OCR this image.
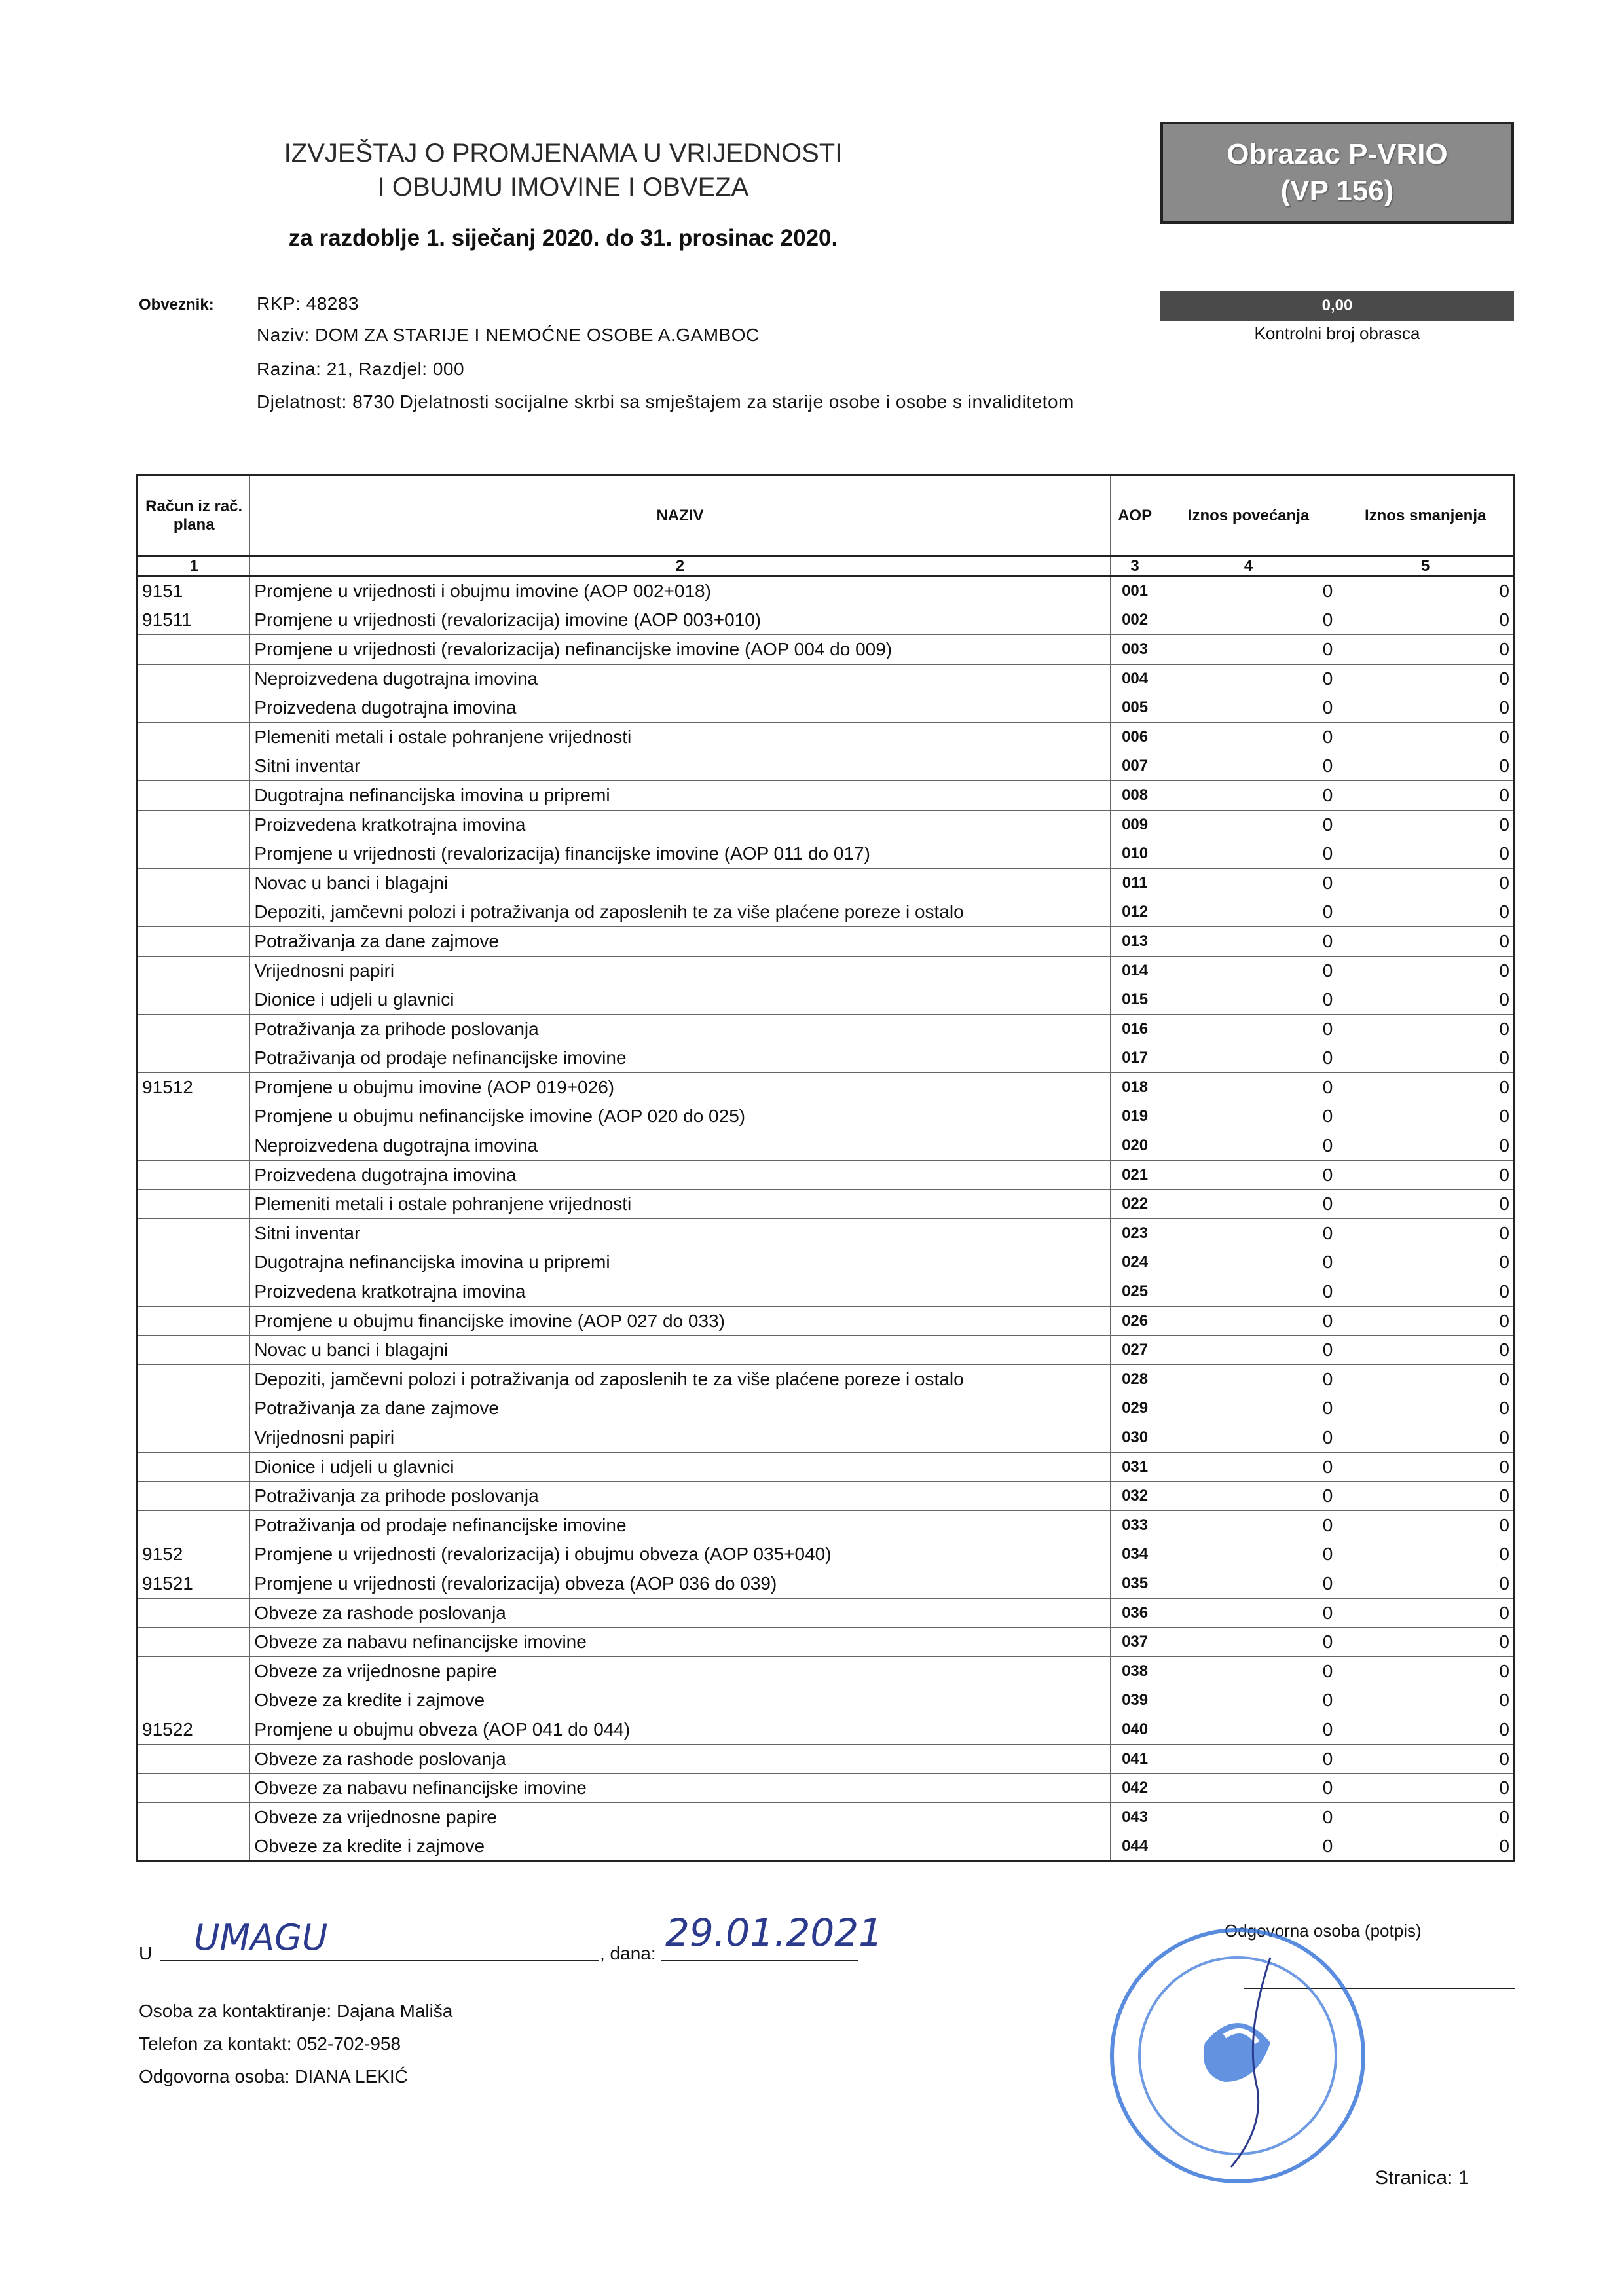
IZVJEŠTAJ O PROMJENAMA U VRIJEDNOSTI
I OBUJMU IMOVINE I OBVEZA
za razdoblje 1. siječanj 2020. do 31. prosinac 2020.
Obrazac P-VRIO
(VP 156)
0,00
Kontrolni broj obrasca
Obveznik: RKP: 48283
Naziv: DOM ZA STARIJE I NEMOĆNE OSOBE A.GAMBOC
Razina: 21, Razdjel: 000
Djelatnost: 8730 Djelatnosti socijalne skrbi sa smještajem za starije osobe i osobe s invaliditetom
Račun iz rač. plana	NAZIV	AOP	Iznos povećanja	Iznos smanjenja
1	2	3	4	5
9151	Promjene u vrijednosti i obujmu imovine (AOP 002+018)	001	0	0
91511	Promjene u vrijednosti (revalorizacija) imovine (AOP 003+010)	002	0	0
	Promjene u vrijednosti (revalorizacija) nefinancijske imovine (AOP 004 do 009)	003	0	0
	Neproizvedena dugotrajna imovina	004	0	0
	Proizvedena dugotrajna imovina	005	0	0
	Plemeniti metali i ostale pohranjene vrijednosti	006	0	0
	Sitni inventar	007	0	0
	Dugotrajna nefinancijska imovina u pripremi	008	0	0
	Proizvedena kratkotrajna imovina	009	0	0
	Promjene u vrijednosti (revalorizacija) financijske imovine (AOP 011 do 017)	010	0	0
	Novac u banci i blagajni	011	0	0
	Depoziti, jamčevni polozi i potraživanja od zaposlenih te za više plaćene poreze i ostalo	012	0	0
	Potraživanja za dane zajmove	013	0	0
	Vrijednosni papiri	014	0	0
	Dionice i udjeli u glavnici	015	0	0
	Potraživanja za prihode poslovanja	016	0	0
	Potraživanja od prodaje nefinancijske imovine	017	0	0
91512	Promjene u obujmu imovine (AOP 019+026)	018	0	0
	Promjene u obujmu nefinancijske imovine (AOP 020 do 025)	019	0	0
	Neproizvedena dugotrajna imovina	020	0	0
	Proizvedena dugotrajna imovina	021	0	0
	Plemeniti metali i ostale pohranjene vrijednosti	022	0	0
	Sitni inventar	023	0	0
	Dugotrajna nefinancijska imovina u pripremi	024	0	0
	Proizvedena kratkotrajna imovina	025	0	0
	Promjene u obujmu financijske imovine (AOP 027 do 033)	026	0	0
	Novac u banci i blagajni	027	0	0
	Depoziti, jamčevni polozi i potraživanja od zaposlenih te za više plaćene poreze i ostalo	028	0	0
	Potraživanja za dane zajmove	029	0	0
	Vrijednosni papiri	030	0	0
	Dionice i udjeli u glavnici	031	0	0
	Potraživanja za prihode poslovanja	032	0	0
	Potraživanja od prodaje nefinancijske imovine	033	0	0
9152	Promjene u vrijednosti (revalorizacija) i obujmu obveza (AOP 035+040)	034	0	0
91521	Promjene u vrijednosti (revalorizacija) obveza (AOP 036 do 039)	035	0	0
	Obveze za rashode poslovanja	036	0	0
	Obveze za nabavu nefinancijske imovine	037	0	0
	Obveze za vrijednosne papire	038	0	0
	Obveze za kredite i zajmove	039	0	0
91522	Promjene u obujmu obveza (AOP 041 do 044)	040	0	0
	Obveze za rashode poslovanja	041	0	0
	Obveze za nabavu nefinancijske imovine	042	0	0
	Obveze za vrijednosne papire	043	0	0
	Obveze za kredite i zajmove	044	0	0
U UMAGU	, dana: 29.01.2021	Odgovorna osoba (potpis)
Osoba za kontaktiranje: Dajana Mališa
Telefon za kontakt: 052-702-958
Odgovorna osoba: DIANA LEKIĆ
Stranica: 1
